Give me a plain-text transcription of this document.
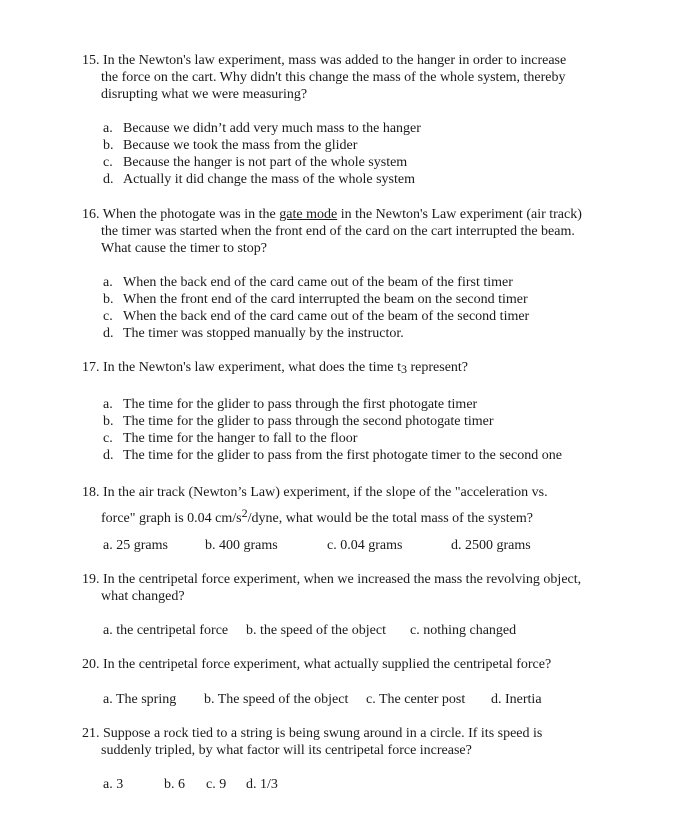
15. In the Newton's law experiment, mass was added to the hanger in order to increase
the force on the cart. Why didn't this change the mass of the whole system, thereby
disrupting what we were measuring?
a. Because we didn’t add very much mass to the hanger
b. Because we took the mass from the glider
c. Because the hanger is not part of the whole system
d. Actually it did change the mass of the whole system
16. When the photogate was in the gate mode in the Newton's Law experiment (air track)
the timer was started when the front end of the card on the cart interrupted the beam.
What cause the timer to stop?
a. When the back end of the card came out of the beam of the first timer
b. When the front end of the card interrupted the beam on the second timer
c. When the back end of the card came out of the beam of the second timer
d. The timer was stopped manually by the instructor.
17. In the Newton's law experiment, what does the time t3 represent?
a. The time for the glider to pass through the first photogate timer
b. The time for the glider to pass through the second photogate timer
c. The time for the hanger to fall to the floor
d. The time for the glider to pass from the first photogate timer to the second one
18. In the air track (Newton’s Law) experiment, if the slope of the "acceleration vs.
force" graph is 0.04 cm/s2/dyne, what would be the total mass of the system?
a. 25 grams	b. 400 grams	c. 0.04 grams	d. 2500 grams
19. In the centripetal force experiment, when we increased the mass the revolving object,
what changed?
a. the centripetal force b. the speed of the object c. nothing changed
20. In the centripetal force experiment, what actually supplied the centripetal force?
a. The spring b. The speed of the object c. The center post d. Inertia
21. Suppose a rock tied to a string is being swung around in a circle. If its speed is
suddenly tripled, by what factor will its centripetal force increase?
a. 3	b. 6 c. 9 d. 1/3
